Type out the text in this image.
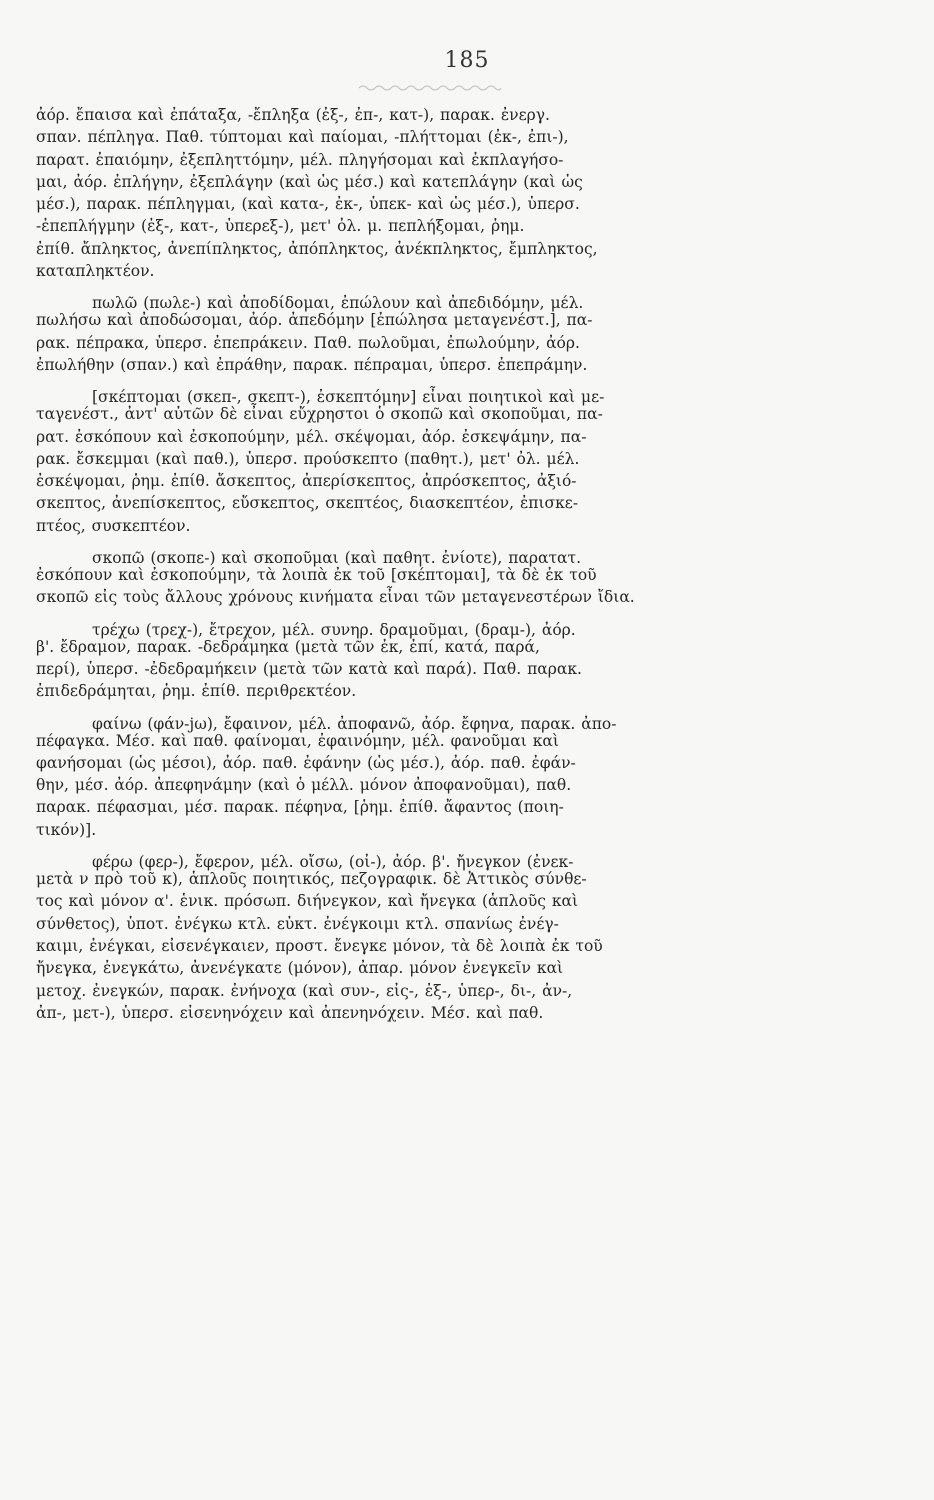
185
ἀόρ. ἔπαισα καὶ ἐπάταξα, -ἔπληξα (ἐξ-, ἐπ-, κατ-), παρακ. ἐνεργ.
σπαν. πέπληγα. Παθ. τύπτομαι καὶ παίομαι, -πλήττομαι (ἐκ-, ἐπι-),
παρατ. ἐπαιόμην, ἐξεπληττόμην, μέλ. πληγήσομαι καὶ ἐκπλαγήσο-
μαι, ἀόρ. ἐπλήγην, ἐξεπλάγην (καὶ ὡς μέσ.) καὶ κατεπλάγην (καὶ ὡς
μέσ.), παρακ. πέπληγμαι, (καὶ κατα-, ἐκ-, ὑπεκ- καὶ ὡς μέσ.), ὑπερσ.
-ἐπεπλήγμην (ἐξ-, κατ-, ὑπερεξ-), μετ' ὀλ. μ. πεπλήξομαι, ῥημ.
ἐπίθ. ἄπληκτος, ἀνεπίπληκτος, ἀπόπληκτος, ἀνέκπληκτος, ἔμπληκτος,
καταπληκτέον.
πωλῶ (πωλε-) καὶ ἀποδίδομαι, ἐπώλουν καὶ ἀπεδιδόμην, μέλ.
πωλήσω καὶ ἀποδώσομαι, ἀόρ. ἀπεδόμην [ἐπώλησα μεταγενέστ.], πα-
ρακ. πέπρακα, ὑπερσ. ἐπεπράκειν. Παθ. πωλοῦμαι, ἐπωλούμην, ἀόρ.
ἐπωλήθην (σπαν.) καὶ ἐπράθην, παρακ. πέπραμαι, ὑπερσ. ἐπεπράμην.
[σκέπτομαι (σκεπ-, σκεπτ-), ἐσκεπτόμην] εἶναι ποιητικοὶ καὶ με-
ταγενέστ., ἀντ' αὐτῶν δὲ εἶναι εὔχρηστοι ὁ σκοπῶ καὶ σκοποῦμαι, πα-
ρατ. ἐσκόπουν καὶ ἐσκοπούμην, μέλ. σκέψομαι, ἀόρ. ἐσκεψάμην, πα-
ρακ. ἔσκεμμαι (καὶ παθ.), ὑπερσ. προύσκεπτο (παθητ.), μετ' ὀλ. μέλ.
ἐσκέψομαι, ῥημ. ἐπίθ. ἄσκεπτος, ἀπερίσκεπτος, ἀπρόσκεπτος, ἀξιό-
σκεπτος, ἀνεπίσκεπτος, εὔσκεπτος, σκεπτέος, διασκεπτέον, ἐπισκε-
πτέος, συσκεπτέον.
σκοπῶ (σκοπε-) καὶ σκοποῦμαι (καὶ παθητ. ἐνίοτε), παρατατ.
ἐσκόπουν καὶ ἐσκοπούμην, τὰ λοιπὰ ἐκ τοῦ [σκέπτομαι], τὰ δὲ ἐκ τοῦ
σκοπῶ εἰς τοὺς ἄλλους χρόνους κινήματα εἶναι τῶν μεταγενεστέρων ἴδια.
τρέχω (τρεχ-), ἔτρεχον, μέλ. συνηρ. δραμοῦμαι, (δραμ-), ἀόρ.
β'. ἔδραμον, παρακ. -δεδράμηκα (μετὰ τῶν ἐκ, ἐπί, κατά, παρά,
περί), ὑπερσ. -ἐδεδραμήκειν (μετὰ τῶν κατὰ καὶ παρά). Παθ. παρακ.
ἐπιδεδράμηται, ῥημ. ἐπίθ. περιθρεκτέον.
φαίνω (φάν-jω), ἔφαινον, μέλ. ἀποφανῶ, ἀόρ. ἔφηνα, παρακ. ἀπο-
πέφαγκα. Μέσ. καὶ παθ. φαίνομαι, ἐφαινόμην, μέλ. φανοῦμαι καὶ
φανήσομαι (ὡς μέσοι), ἀόρ. παθ. ἐφάνην (ὡς μέσ.), ἀόρ. παθ. ἐφάν-
θην, μέσ. ἀόρ. ἀπεφηνάμην (καὶ ὁ μέλλ. μόνον ἀποφανοῦμαι), παθ.
παρακ. πέφασμαι, μέσ. παρακ. πέφηνα, [ῥημ. ἐπίθ. ἄφαντος (ποιη-
τικόν)].
φέρω (φερ-), ἔφερον, μέλ. οἴσω, (οἰ-), ἀόρ. β'. ἤνεγκον (ἐνεκ-
μετὰ ν πρὸ τοῦ κ), ἁπλοῦς ποιητικός, πεζογραφικ. δὲ Ἀττικὸς σύνθε-
τος καὶ μόνον α'. ἑνικ. πρόσωπ. διήνεγκον, καὶ ἤνεγκα (ἁπλοῦς καὶ
σύνθετος), ὑποτ. ἐνέγκω κτλ. εὐκτ. ἐνέγκοιμι κτλ. σπανίως ἐνέγ-
καιμι, ἐνέγκαι, εἰσενέγκαιεν, προστ. ἔνεγκε μόνον, τὰ δὲ λοιπὰ ἐκ τοῦ
ἤνεγκα, ἐνεγκάτω, ἀνενέγκατε (μόνον), ἀπαρ. μόνον ἐνεγκεῖν καὶ
μετοχ. ἐνεγκών, παρακ. ἐνήνοχα (καὶ συν-, εἰς-, ἐξ-, ὑπερ-, δι-, ἀν-,
ἀπ-, μετ-), ὑπερσ. εἰσενηνόχειν καὶ ἀπενηνόχειν. Μέσ. καὶ παθ.
